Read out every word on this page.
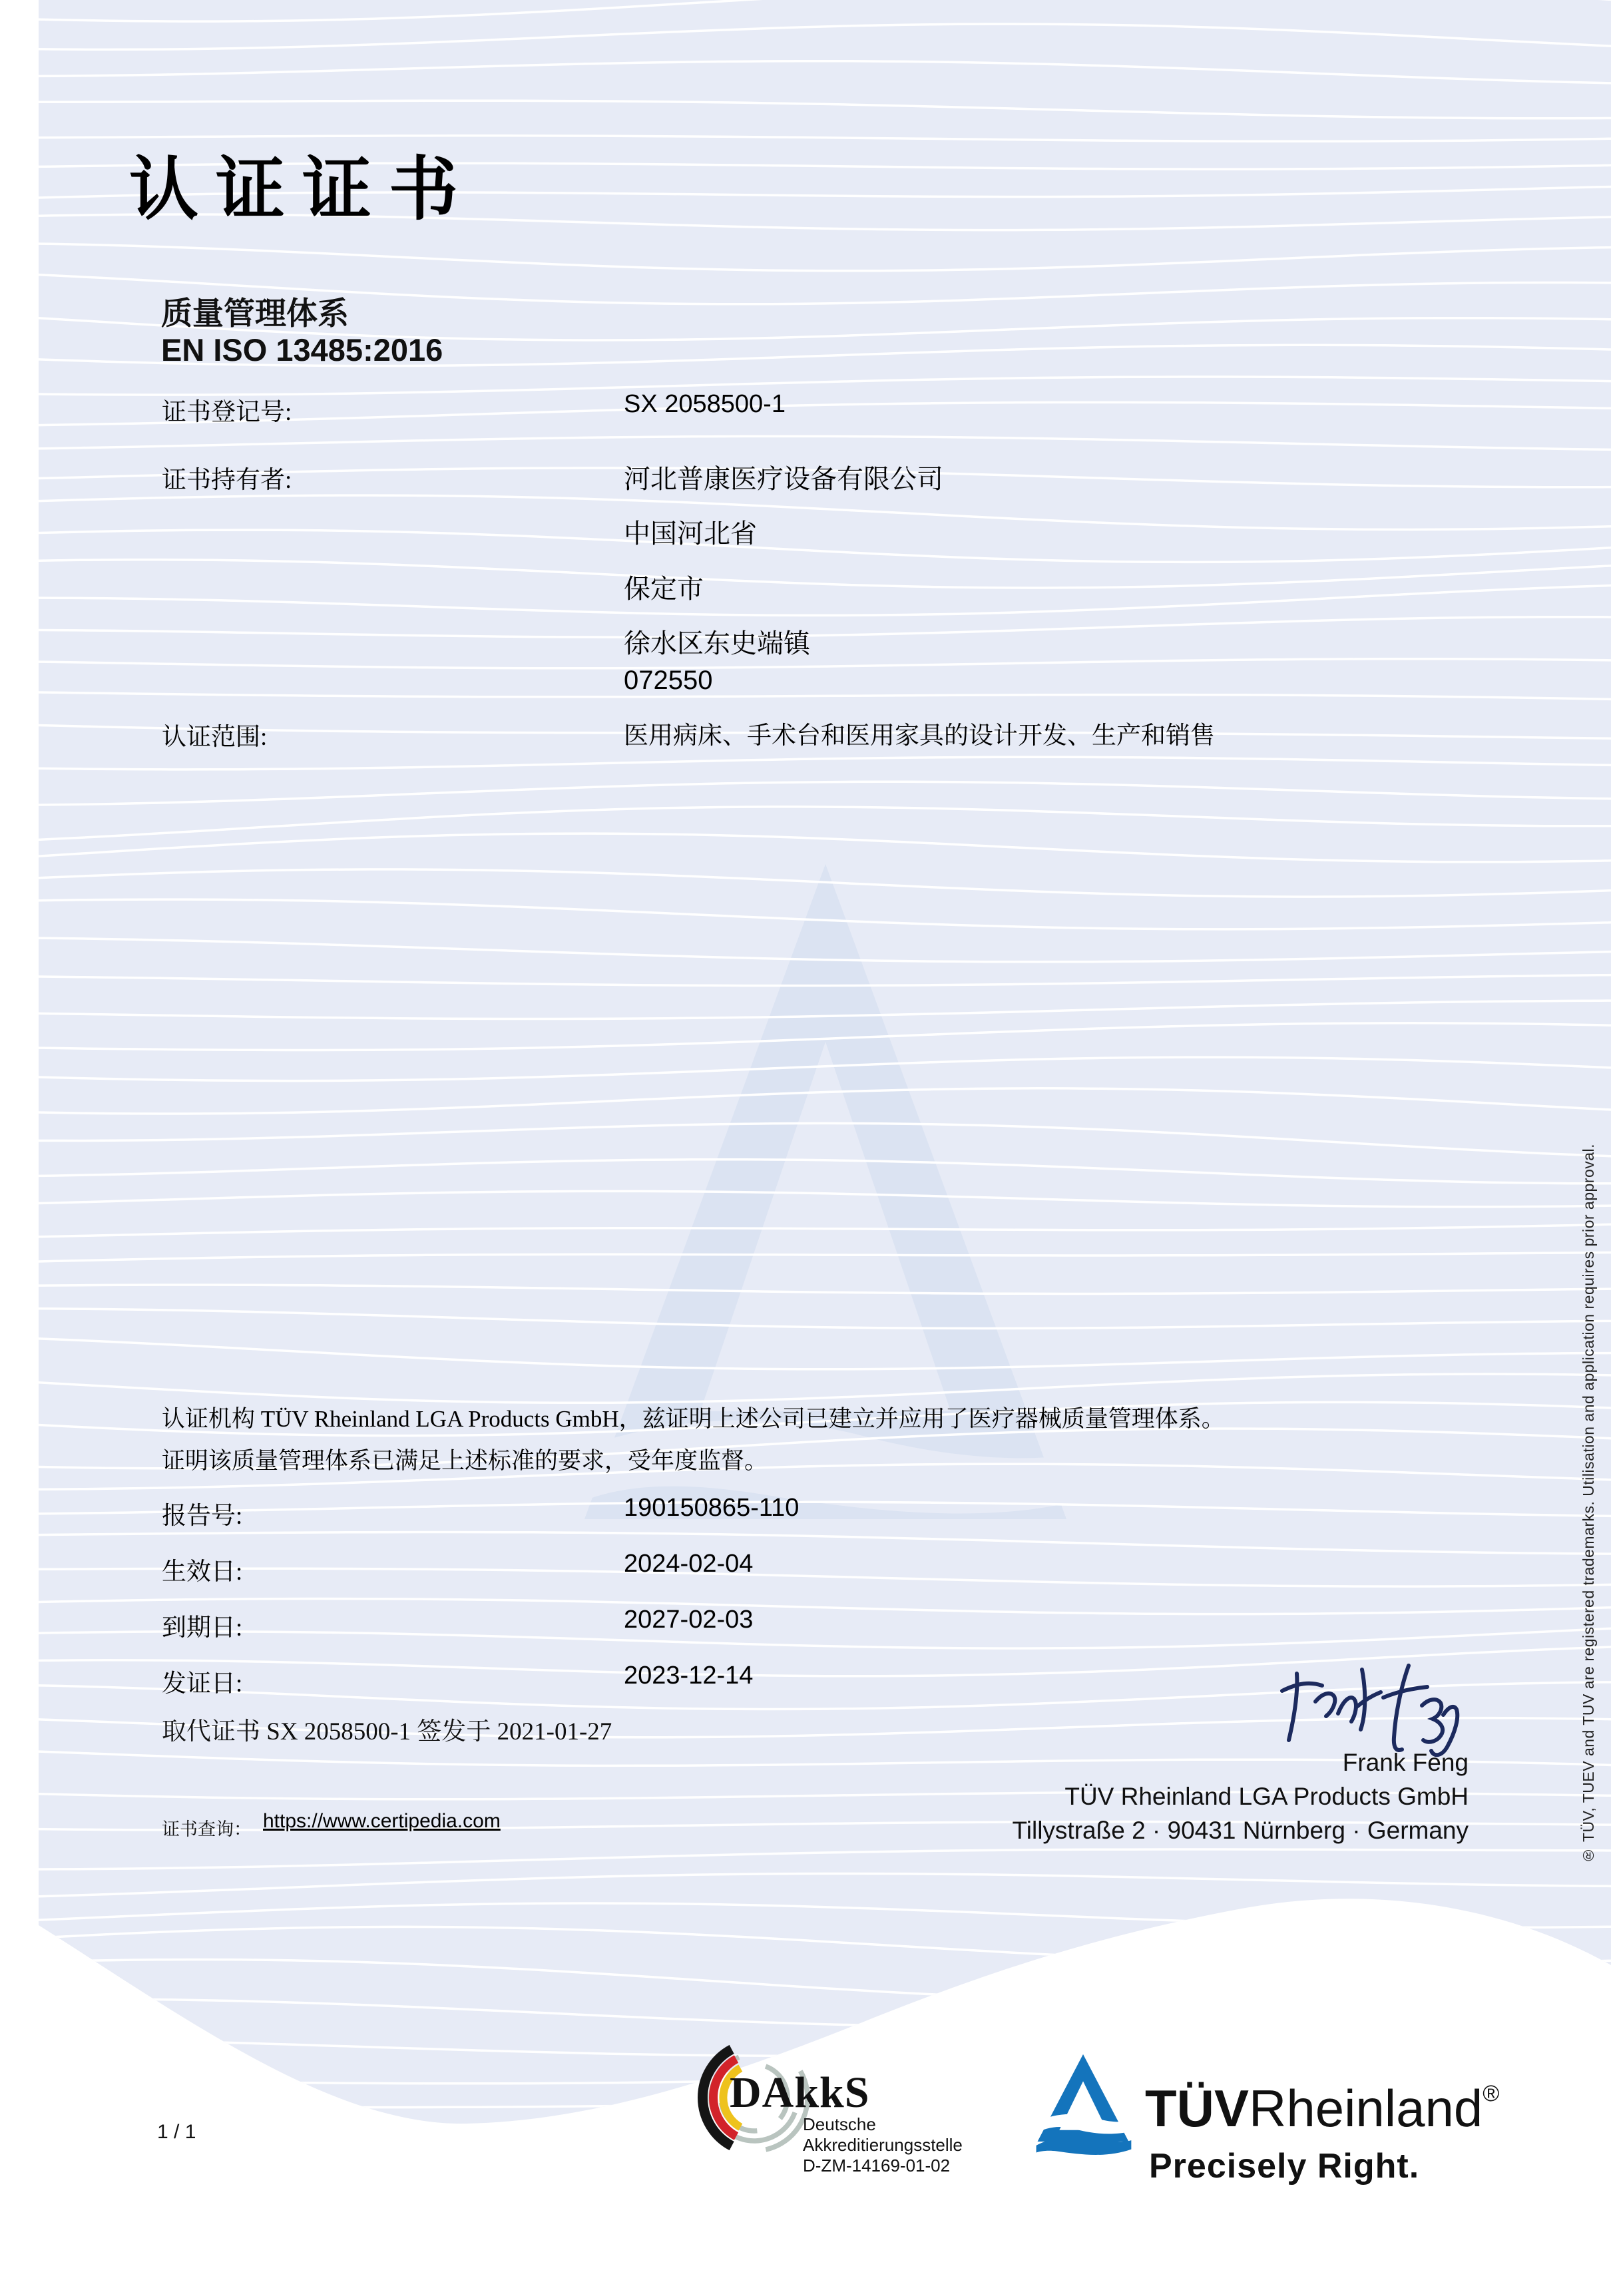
认证证书
质量管理体系
EN ISO 13485:2016
证书登记号:	SX 2058500-1
证书持有者:	河北普康医疗设备有限公司
中国河北省
保定市
徐水区东史端镇
072550
认证范围:	医用病床、手术台和医用家具的设计开发、生产和销售
认证机构 TÜV Rheinland LGA Products GmbH，兹证明上述公司已建立并应用了医疗器械质量管理体系。
证明该质量管理体系已满足上述标准的要求，受年度监督。
报告号:	190150865-110
生效日:	2024-02-04
到期日:	2027-02-03
发证日:	2023-12-14
取代证书 SX 2058500-1 签发于 2021-01-27
证书查询： https://www.certipedia.com
Frank Feng
TÜV Rheinland LGA Products GmbH
Tillystraße 2 · 90431 Nürnberg · Germany	® TÜV, TUEV and TUV are registered trademarks. Utilisation and application requires prior approval.
1 / 1
DAkkS
Deutsche
Akkreditierungsstelle
D-ZM-14169-01-02
TÜVRheinland®
Precisely Right.
